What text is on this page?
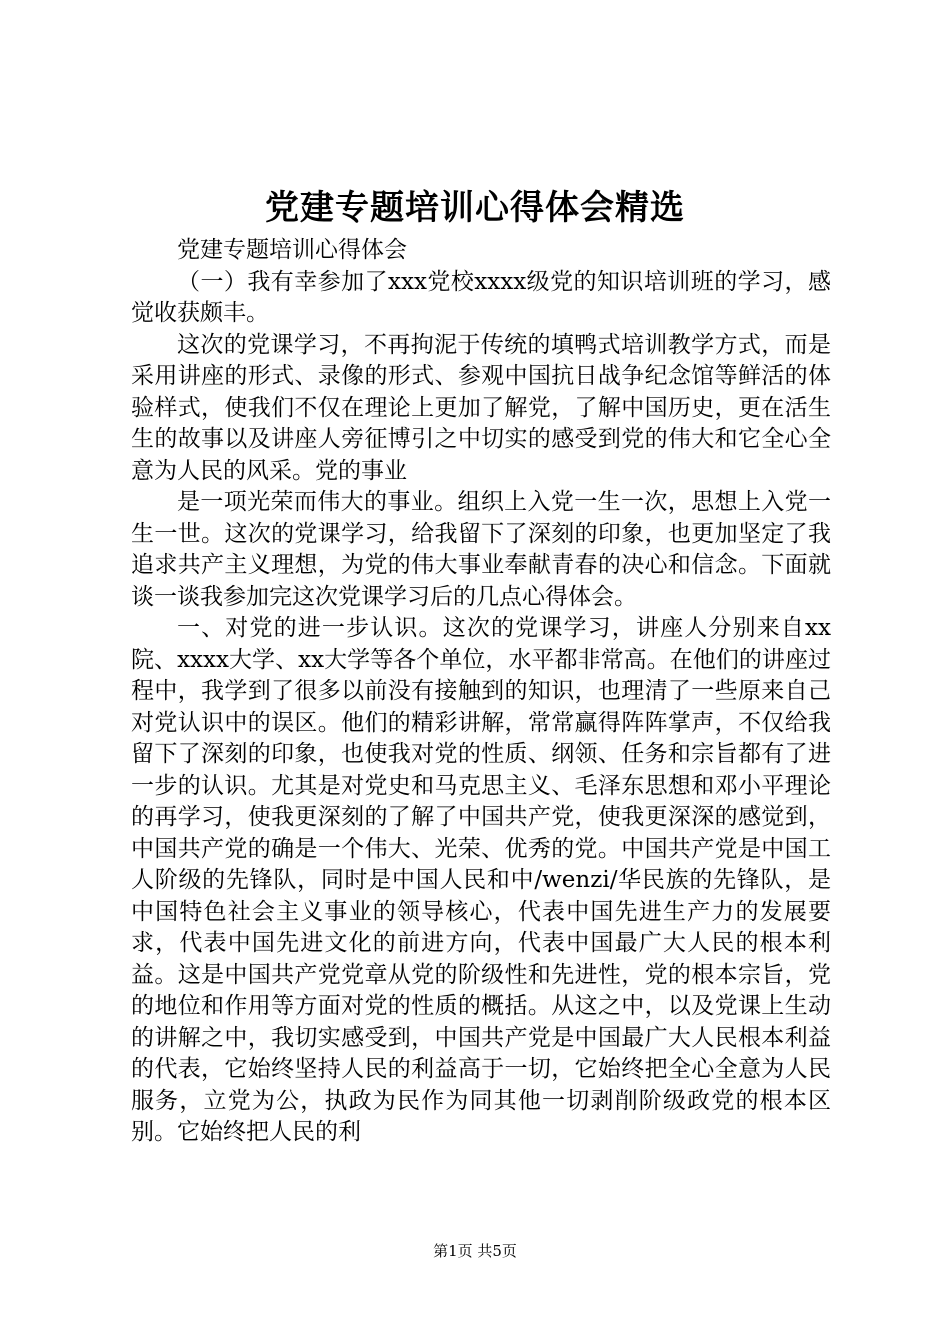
党建专题培训心得体会精选

党建专题培训心得体会

（一）我有幸参加了xxx党校xxxx级党的知识培训班的学习，感觉收获颇丰。

这次的党课学习，不再拘泥于传统的填鸭式培训教学方式，而是采用讲座的形式、录像的形式、参观中国抗日战争纪念馆等鲜活的体验样式，使我们不仅在理论上更加了解党，了解中国历史，更在活生生的故事以及讲座人旁征博引之中切实的感受到党的伟大和它全心全意为人民的风采。党的事业

是一项光荣而伟大的事业。组织上入党一生一次，思想上入党一生一世。这次的党课学习，给我留下了深刻的印象，也更加坚定了我追求共产主义理想，为党的伟大事业奉献青春的决心和信念。下面就谈一谈我参加完这次党课学习后的几点心得体会。

一、对党的进一步认识。这次的党课学习，讲座人分别来自xx院、xxxx大学、xx大学等各个单位，水平都非常高。在他们的讲座过程中，我学到了很多以前没有接触到的知识，也理清了一些原来自己对党认识中的误区。他们的精彩讲解，常常赢得阵阵掌声，不仅给我留下了深刻的印象，也使我对党的性质、纲领、任务和宗旨都有了进一步的认识。尤其是对党史和马克思主义、毛泽东思想和邓小平理论的再学习，使我更深刻的了解了中国共产党，使我更深深的感觉到，中国共产党的确是一个伟大、光荣、优秀的党。中国共产党是中国工人阶级的先锋队，同时是中国人民和中/wenzi/华民族的先锋队，是中国特色社会主义事业的领导核心，代表中国先进生产力的发展要求，代表中国先进文化的前进方向，代表中国最广大人民的根本利益。这是中国共产党党章从党的阶级性和先进性，党的根本宗旨，党的地位和作用等方面对党的性质的概括。从这之中，以及党课上生动的讲解之中，我切实感受到，中国共产党是中国最广大人民根本利益的代表，它始终坚持人民的利益高于一切，它始终把全心全意为人民服务，立党为公，执政为民作为同其他一切剥削阶级政党的根本区别。它始终把人民的利

第1页 共5页
